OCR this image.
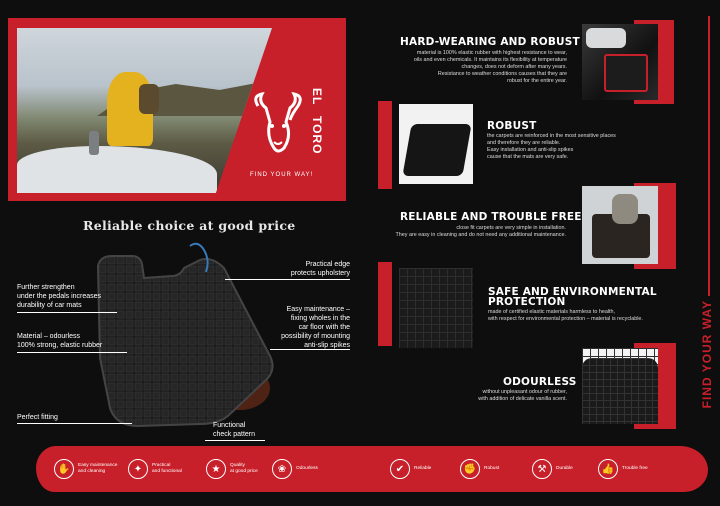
EL
TORO
FIND YOUR WAY!
Reliable choice at good price
Further strengthen
under the pedals increases
durability of car mats
Material – odourless
100% strong, elastic rubber
Perfect fitting
Practical edge
protects upholstery
Easy maintenance –
fixing wholes in the
car floor with the
possibility of mounting
anti-slip spikes
Functional
check pattern
HARD-WEARING AND ROBUST
material is 100% elastic rubber with highest resistance to wear,
oils and even chemicals. It maintains its flexibility at temperature
changes, does not deform after many years.
Resistance to weather conditions causes that they are
robust for the entire year.
ROBUST
the carpets are reinforced in the most sensitive places
and therefore they are reliable.
Easy installation and anti-slip spikes
cause that the mats are very safe.
RELIABLE AND TROUBLE FREE
close fit carpets are very simple in installation.
They are easy in cleaning and do not need any additional maintenance.
SAFE AND ENVIRONMENTAL
PROTECTION
made of certified elastic materials harmless to health,
with respect for environmental protection – material is recyclable.
ODOURLESS
without unpleasant odour of rubber,
with addition of delicate vanilla scent.	FIND YOUR WAY
✋	Easy maintenance
and cleaning	✦	Practical
and functional	★	Quality
at good price	❀	Odourless	✔	Reliable	✊	Robust	⚒	Durable	👍	Trouble free
